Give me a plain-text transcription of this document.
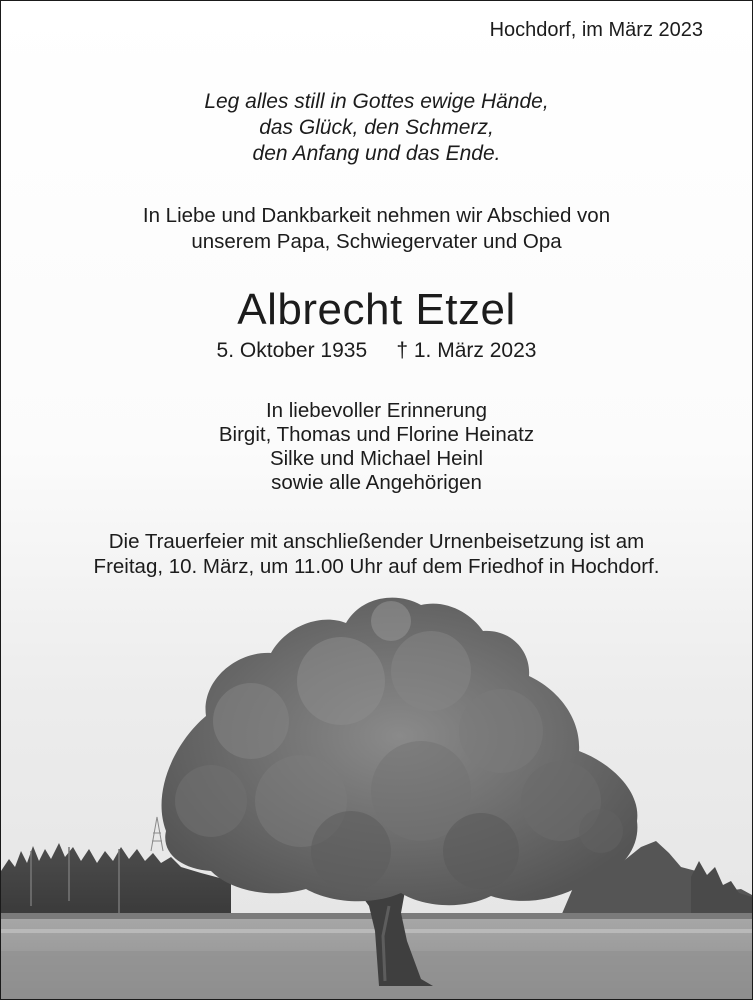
Hochdorf, im März 2023
Leg alles still in Gottes ewige Hände,
das Glück, den Schmerz,
den Anfang und das Ende.
In Liebe und Dankbarkeit nehmen wir Abschied von
unserem Papa, Schwiegervater und Opa
Albrecht Etzel
5. Oktober 1935 † 1. März 2023
In liebevoller Erinnerung
Birgit, Thomas und Florine Heinatz
Silke und Michael Heinl
sowie alle Angehörigen
Die Trauerfeier mit anschließender Urnenbeisetzung ist am
Freitag, 10. März, um 11.00 Uhr auf dem Friedhof in Hochdorf.
